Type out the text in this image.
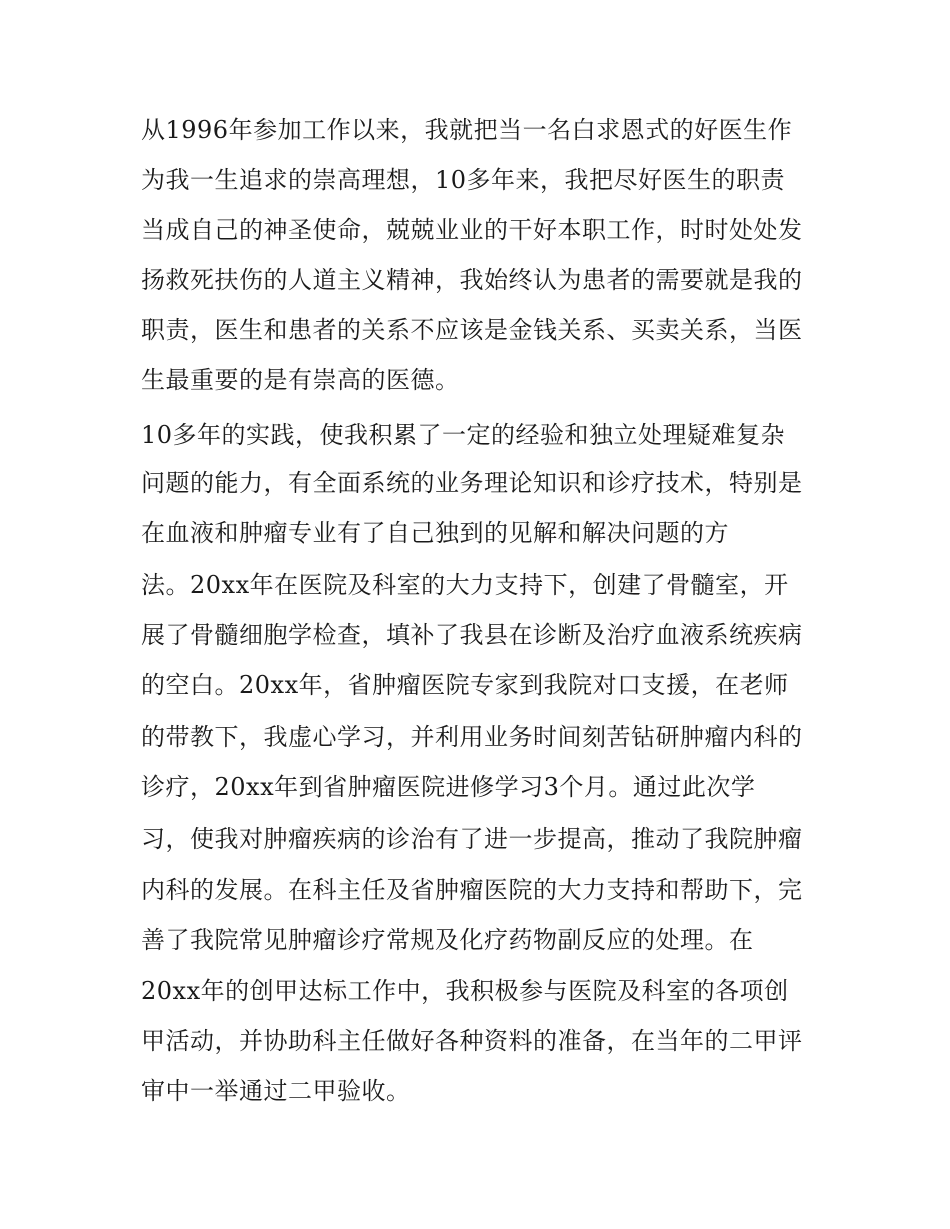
从1996年参加工作以来，我就把当一名白求恩式的好医生作
为我一生追求的崇高理想，10多年来，我把尽好医生的职责
当成自己的神圣使命，兢兢业业的干好本职工作，时时处处发
扬救死扶伤的人道主义精神，我始终认为患者的需要就是我的
职责，医生和患者的关系不应该是金钱关系、买卖关系，当医
生最重要的是有崇高的医德。
10多年的实践，使我积累了一定的经验和独立处理疑难复杂
问题的能力，有全面系统的业务理论知识和诊疗技术，特别是
在血液和肿瘤专业有了自己独到的见解和解决问题的方
法。20xx年在医院及科室的大力支持下，创建了骨髓室，开
展了骨髓细胞学检查，填补了我县在诊断及治疗血液系统疾病
的空白。20xx年，省肿瘤医院专家到我院对口支援，在老师
的带教下，我虚心学习，并利用业务时间刻苦钻研肿瘤内科的
诊疗，20xx年到省肿瘤医院进修学习3个月。通过此次学
习，使我对肿瘤疾病的诊治有了进一步提高，推动了我院肿瘤
内科的发展。在科主任及省肿瘤医院的大力支持和帮助下，完
善了我院常见肿瘤诊疗常规及化疗药物副反应的处理。在
20xx年的创甲达标工作中，我积极参与医院及科室的各项创
甲活动，并协助科主任做好各种资料的准备，在当年的二甲评
审中一举通过二甲验收。
